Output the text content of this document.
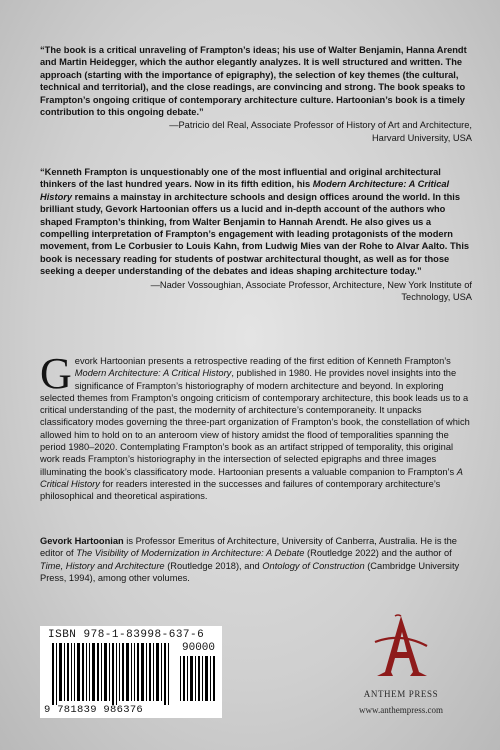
“The book is a critical unraveling of Frampton’s ideas; his use of Walter Benjamin, Hanna Arendt and Martin Heidegger, which the author elegantly analyzes. It is well structured and written. The approach (starting with the importance of epigraphy), the selection of key themes (the cultural, technical and territorial), and the close readings, are convincing and strong. The book speaks to Frampton’s ongoing critique of contemporary architecture culture. Hartoonian’s book is a timely contribution to this ongoing debate.”
—Patricio del Real, Associate Professor of History of Art and Architecture,
Harvard University, USA
“Kenneth Frampton is unquestionably one of the most influential and original architectural thinkers of the last hundred years. Now in its fifth edition, his Modern Architecture: A Critical History remains a mainstay in architecture schools and design offices around the world. In this brilliant study, Gevork Hartoonian offers us a lucid and in-depth account of the authors who shaped Frampton’s thinking, from Walter Benjamin to Hannah Arendt. He also gives us a compelling interpretation of Frampton’s engagement with leading protagonists of the modern movement, from Le Corbusier to Louis Kahn, from Ludwig Mies van der Rohe to Alvar Aalto. This book is necessary reading for students of postwar architectural thought, as well as for those seeking a deeper understanding of the debates and ideas shaping architecture today.”
—Nader Vossoughian, Associate Professor, Architecture, New York Institute of
Technology, USA
Gevork Hartoonian presents a retrospective reading of the first edition of Kenneth Frampton’s Modern Architecture: A Critical History, published in 1980. He provides novel insights into the significance of Frampton’s historiography of modern architecture and beyond. In exploring selected themes from Frampton’s ongoing criticism of contemporary architecture, this book leads us to a critical understanding of the past, the modernity of architecture’s contemporaneity. It unpacks classificatory modes governing the three-part organization of Frampton’s book, the constellation of which allowed him to hold on to an anteroom view of history amidst the flood of temporalities spanning the period 1980–2020. Contemplating Frampton’s book as an artifact stripped of temporality, this original work reads Frampton’s historiography in the intersection of selected epigraphs and three images illuminating the book’s classificatory mode. Hartoonian presents a valuable companion to Frampton’s A Critical History for readers interested in the successes and failures of contemporary architecture’s philosophical and theoretical aspirations.
Gevork Hartoonian is Professor Emeritus of Architecture, University of Canberra, Australia. He is the editor of The Visibility of Modernization in Architecture: A Debate (Routledge 2022) and the author of Time, History and Architecture (Routledge 2018), and Ontology of Construction (Cambridge University Press, 1994), among other volumes.
ISBN 978-1-83998-637-6
90000
9 781839 986376
ANTHEM PRESS
www.anthempress.com
